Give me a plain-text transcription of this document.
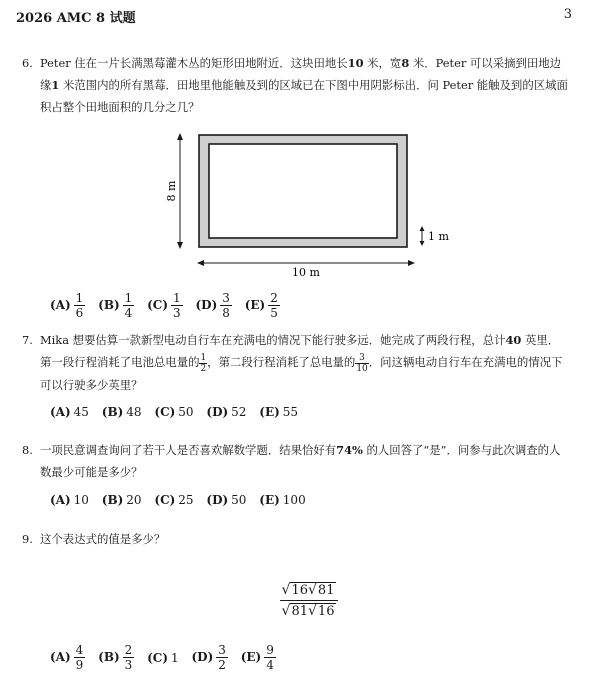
2026 AMC 8 试题	3
6. Peter 住在一片长满黑莓灌木丛的矩形田地附近．这块田地长10 米，宽8 米．Peter 可以采摘到田地边缘1 米范围内的所有黑莓．田地里他能触及到的区域已在下图中用阴影标出．问 Peter 能触及到的区域面积占整个田地面积的几分之几？
8 m
10 m
1 m
$(A) \frac{1}{6} (B) \frac{1}{4} (C) \frac{1}{3} (D) \frac{3}{8} (E) \frac{2}{5}$
7. Mika 想要估算一款新型电动自行车在充满电的情况下能行驶多远．她完成了两段行程，总计40 英里．第一段行程消耗了电池总电量的 $\frac{1}{2}$ ，第二段行程消耗了总电量的 $\frac{3}{10}$ ．问这辆电动自行车在充满电的情况下可以行驶多少英里？
(A) 45 (B) 48 (C) 50 (D) 52 (E) 55
8. 一项民意调查询问了若干人是否喜欢解数学题．结果恰好有74% 的人回答了“是”．问参与此次调查的人数最少可能是多少？
(A) 10 (B) 20 (C) 25 (D) 50 (E) 100
9. 这个表达式的值是多少？
√16√81
√81√16
$(A) \frac{4}{9} (B) \frac{2}{3} (C)$ 1 $(D) \frac{3}{2} (E) \frac{9}{4}$
